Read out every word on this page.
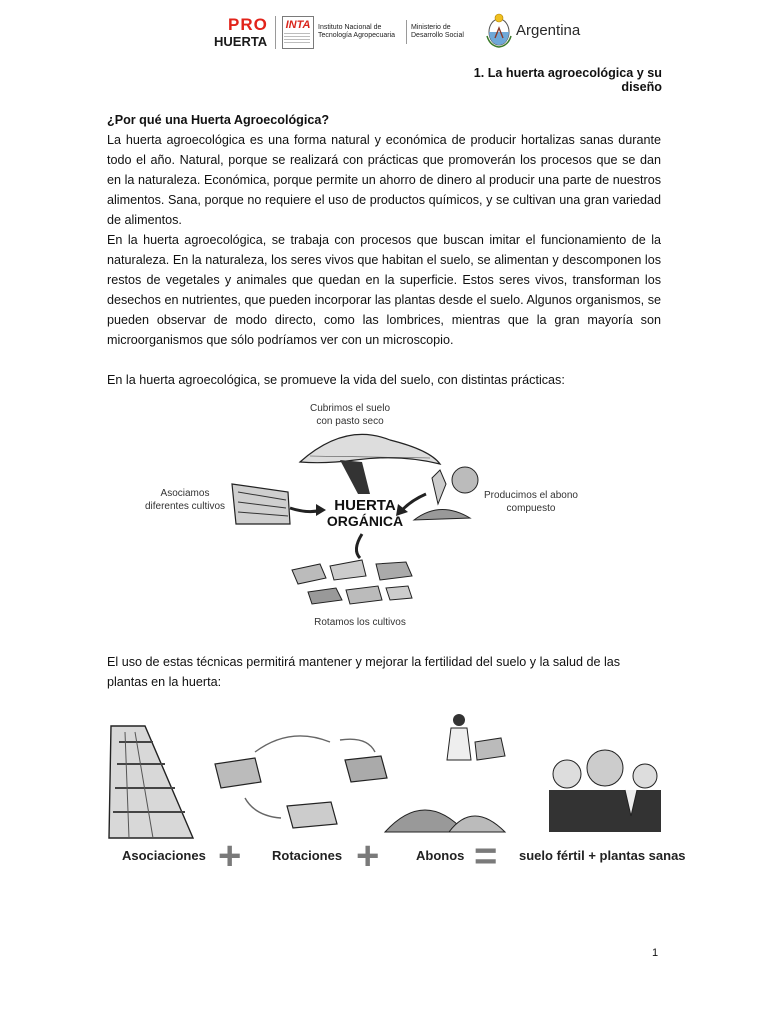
PRO
HUERTA
INTA	Instituto Nacional de
Tecnología Agropecuaria
Ministerio de
Desarrollo Social	Argentina
1. La huerta agroecológica y su diseño
¿Por qué una Huerta Agroecológica?
La huerta agroecológica es una forma natural y económica de producir hortalizas sanas durante todo el año. Natural, porque se realizará con prácticas que promoverán los procesos que se dan en la naturaleza. Económica, porque permite un ahorro de dinero al producir una parte de nuestros alimentos. Sana, porque no requiere el uso de productos químicos, y se cultivan una gran variedad de alimentos.
En la huerta agroecológica, se trabaja con procesos que buscan imitar el funcionamiento de la naturaleza. En la naturaleza, los seres vivos que habitan el suelo, se alimentan y descomponen los restos de vegetales y animales que quedan en la superficie. Estos seres vivos, transforman los desechos en nutrientes, que pueden incorporar las plantas desde el suelo. Algunos organismos, se pueden observar de modo directo, como las lombrices, mientras que la gran mayoría son microorganismos que sólo podríamos ver con un microscopio.
En la huerta agroecológica, se promueve la vida del suelo, con distintas prácticas:
HUERTA
ORGÁNICA
Cubrimos el suelo
con pasto seco
Asociamos
diferentes cultivos
Producimos el abono
compuesto
Rotamos los cultivos
El uso de estas técnicas permitirá mantener y mejorar la fertilidad del suelo y la salud de las plantas en la huerta:
Asociaciones + Rotaciones +	Abonos = suelo fértil + plantas sanas
1
